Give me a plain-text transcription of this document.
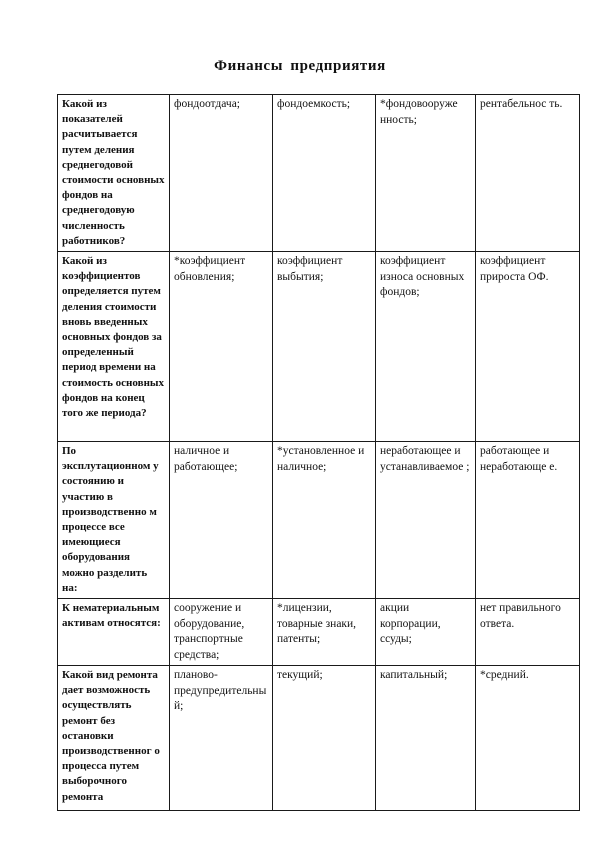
Финансы предприятия
Какой из показателей расчитывается путем деления среднегодовой стоимости основных фондов на среднегодовую численность работников?	фондоотдача;	фондоемкость;	*фондовооруже нность;	рентабельнос ть.
Какой из коэффициентов определяется путем деления стоимости вновь введенных основных фондов за определенный период времени на стоимость основных фондов на конец того же периода?	*коэффициент обновления;	коэффициент выбытия;	коэффициент износа основных фондов;	коэффициент прироста ОФ.
По эксплутационном у состоянию и участию в производственно м процессе все имеющиеся оборудования можно разделить на:	наличное и работающее;	*установленное и наличное;	неработающее и устанавливаемое ;	работающее и неработающе е.
К нематериальным активам относятся:	сооружение и оборудование, транспортные средства;	*лицензии, товарные знаки, патенты;	акции корпорации, ссуды;	нет правильного ответа.
Какой вид ремонта дает возможность осуществлять ремонт без остановки производственног о процесса путем выборочного ремонта	планово-предупредительный;	текущий;	капитальный;	*средний.
